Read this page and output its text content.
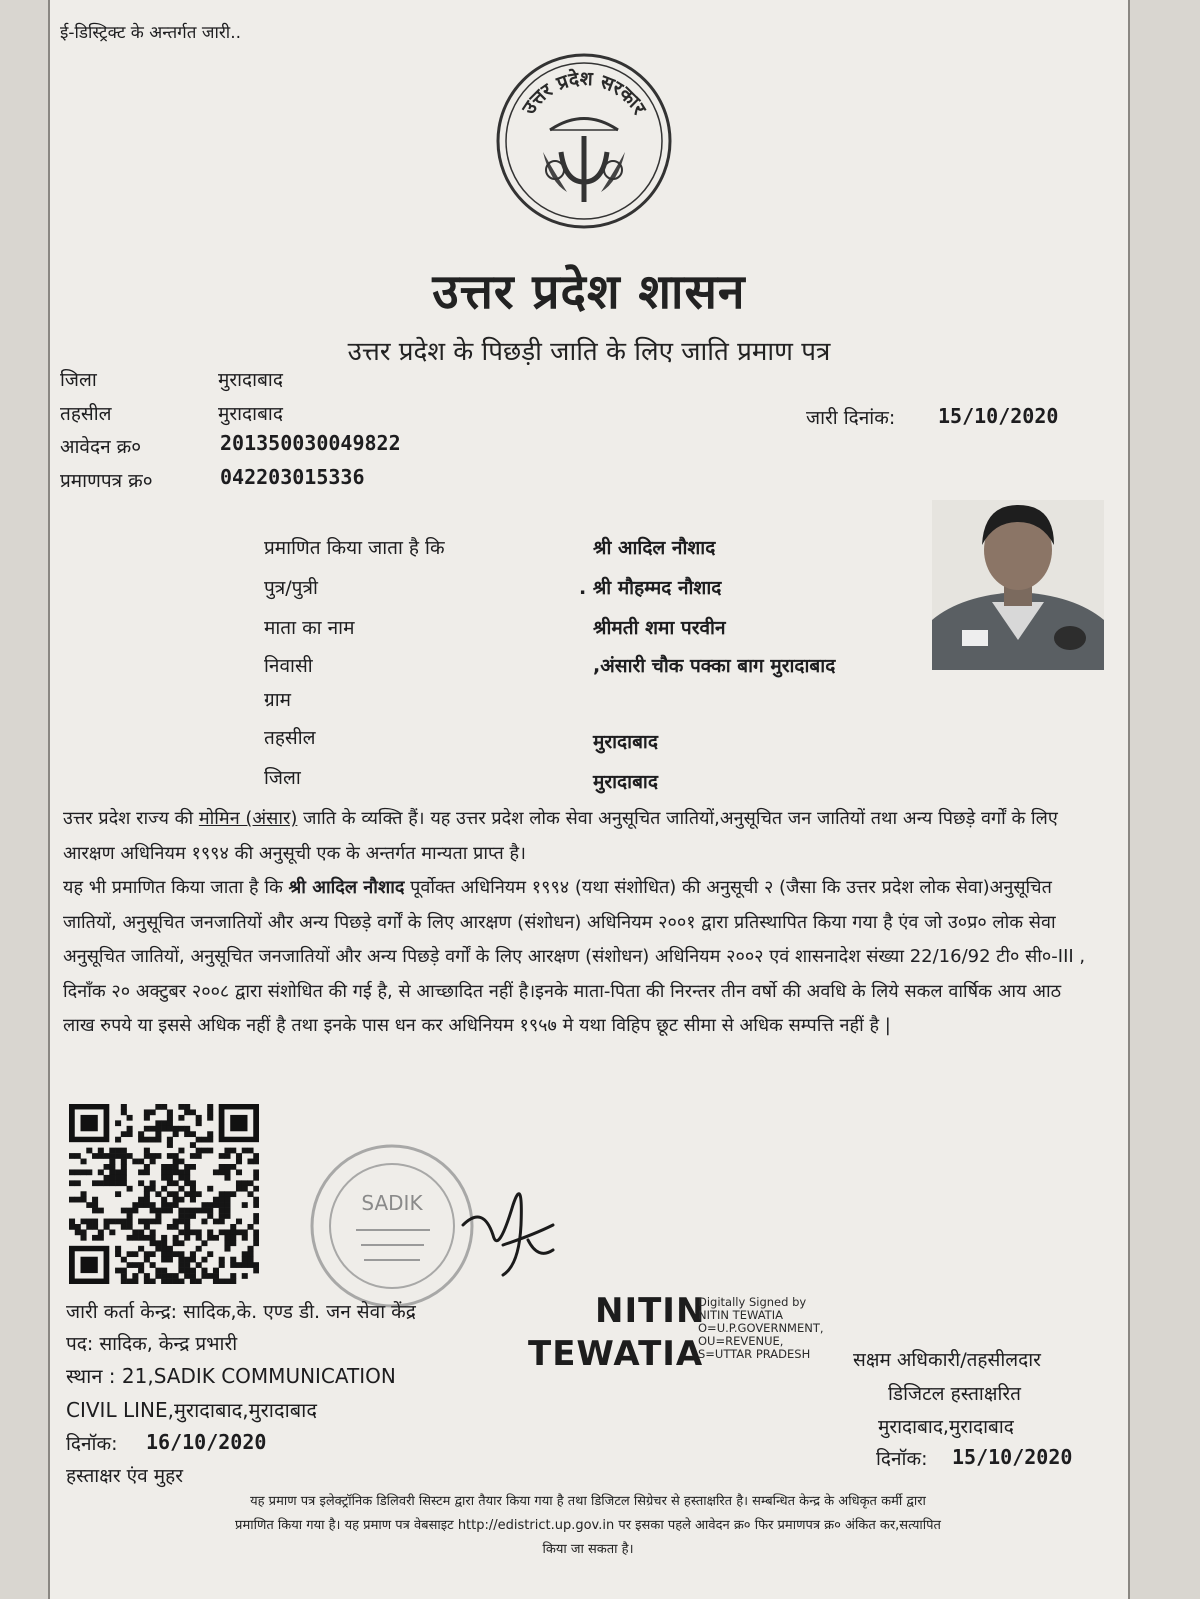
ई-डिस्ट्रिक्ट के अन्तर्गत जारी..
उत्तर प्रदेश सरकार
उत्तर प्रदेश शासन
उत्तर प्रदेश के पिछड़ी जाति के लिए जाति प्रमाण पत्र
जिला	मुरादाबाद
तहसील	मुरादाबाद
आवेदन क्र०	201350030049822
प्रमाणपत्र क्र०	042203015336
जारी दिनांक: 15/10/2020
प्रमाणित किया जाता है कि	श्री आदिल नौशाद
पुत्र/पुत्री	. श्री मौहम्मद नौशाद
माता का नाम	श्रीमती शमा परवीन
निवासी	,अंसारी चौक पक्का बाग मुरादाबाद
ग्राम
तहसील	मुरादाबाद
जिला	मुरादाबाद

उत्तर प्रदेश राज्य की मोमिन (अंसार) जाति के व्यक्ति हैं। यह उत्तर प्रदेश लोक सेवा अनुसूचित जातियों,अनुसूचित जन जातियों तथा अन्य पिछड़े वर्गों के लिए आरक्षण अधिनियम १९९४ की अनुसूची एक के अन्तर्गत मान्यता प्राप्त है।

यह भी प्रमाणित किया जाता है कि श्री आदिल नौशाद पूर्वोक्त अधिनियम १९९४ (यथा संशोधित) की अनुसूची २ (जैसा कि उत्तर प्रदेश लोक सेवा)अनुसूचित जातियों, अनुसूचित जनजातियों और अन्य पिछड़े वर्गों के लिए आरक्षण (संशोधन) अधिनियम २००१ द्वारा प्रतिस्थापित किया गया है एंव जो उ०प्र० लोक सेवा अनुसूचित जातियों, अनुसूचित जनजातियों और अन्य पिछड़े वर्गों के लिए आरक्षण (संशोधन) अधिनियम २००२ एवं शासनादेश संख्या 22/16/92 टी० सी०-III , दिनाँक २० अक्टुबर २००८ द्वारा संशोधित की गई है, से आच्छादित नहीं है।इनके माता-पिता की निरन्तर तीन वर्षो की अवधि के लिये सकल वार्षिक आय आठ लाख रुपये या इससे अधिक नहीं है तथा इनके पास धन कर अधिनियम १९५७ मे यथा विहिप छूट सीमा से अधिक सम्पत्ति नहीं है |

SADIK
जारी कर्ता केन्द्र: सादिक,के. एण्ड डी. जन सेवा केंद्र
पद: सादिक, केन्द्र प्रभारी
स्थान : 21,SADIK COMMUNICATION
CIVIL LINE,मुरादाबाद,मुरादाबाद
दिनॉक: 16/10/2020
हस्ताक्षर एंव मुहर
NITIN
TEWATIA
Digitally Signed by
NITIN TEWATIA
O=U.P.GOVERNMENT,
OU=REVENUE,
S=UTTAR PRADESH	सक्षम अधिकारी/तहसीलदार
डिजिटल हस्ताक्षरित
मुरादाबाद,मुरादाबाद
दिनॉक: 15/10/2020
यह प्रमाण पत्र इलेक्ट्रॉनिक डिलिवरी सिस्टम द्वारा तैयार किया गया है तथा डिजिटल सिग्रेचर से हस्ताक्षरित है। सम्बन्धित केन्द्र के अधिकृत कर्मी द्वारा
प्रमाणित किया गया है। यह प्रमाण पत्र वेबसाइट http://edistrict.up.gov.in पर इसका पहले आवेदन क्र० फिर प्रमाणपत्र क्र० अंकित कर,सत्यापित
किया जा सकता है।
